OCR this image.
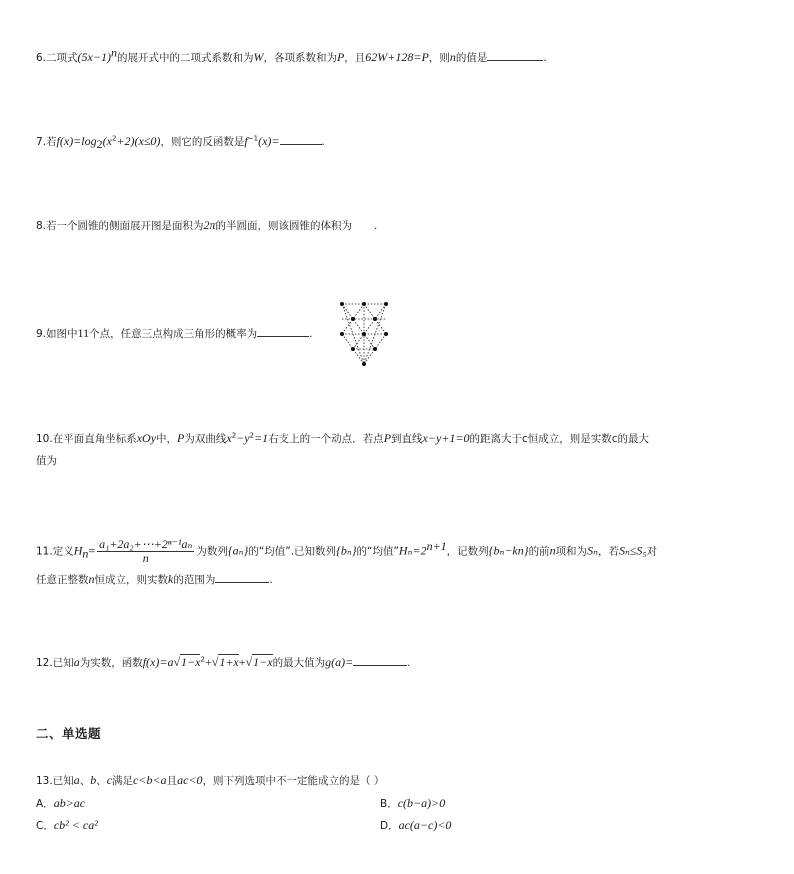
6.二项式$(5x-1)^n$的展开式中的二项式系数和为W，各项系数和为P，且62W+128=P，则n的值是	.
7.若$f(x)=\log_2(x^2+2)(x\le 0)$，则它的反函数是$f^{-1}(x)=$	.
8.若一个圆锥的侧面展开图是面积为2π的半圆面，则该圆锥的体积为 .
9.如图中11个点，任意三点构成三角形的概率为	.
10.在平面直角坐标系xOy中，P为双曲线$x^2-y^2=1$右支上的一个动点．若点P到直线x−y+1=0的距离大于c恒成立，则是实数c的最大
值为
11.定义$H_n= \frac{\text{a₁+2a₂+⋯+2ⁿ⁻¹aₙ}}{n}$ 为数列{aₙ}的“均值”.已知数列{bₙ}的“均值$”H_n=2^{n+1}$，记数列{bₙ−kn}的前n项和为Sₙ，若Sₙ≤S₅对
任意正整数n恒成立，则实数k的范围为	.
12.已知a为实数，函数$f(x)=a√1-x^2+√1+x+√1-x$的最大值为g(a)=	.
二、单选题
13.已知a、b、c满足c<b<a且ac<0，则下列选项中不一定能成立的是（ ）
A．ab>ac	B．c(b−a)>0
C．cb² < ca²	D．ac(a−c)<0
